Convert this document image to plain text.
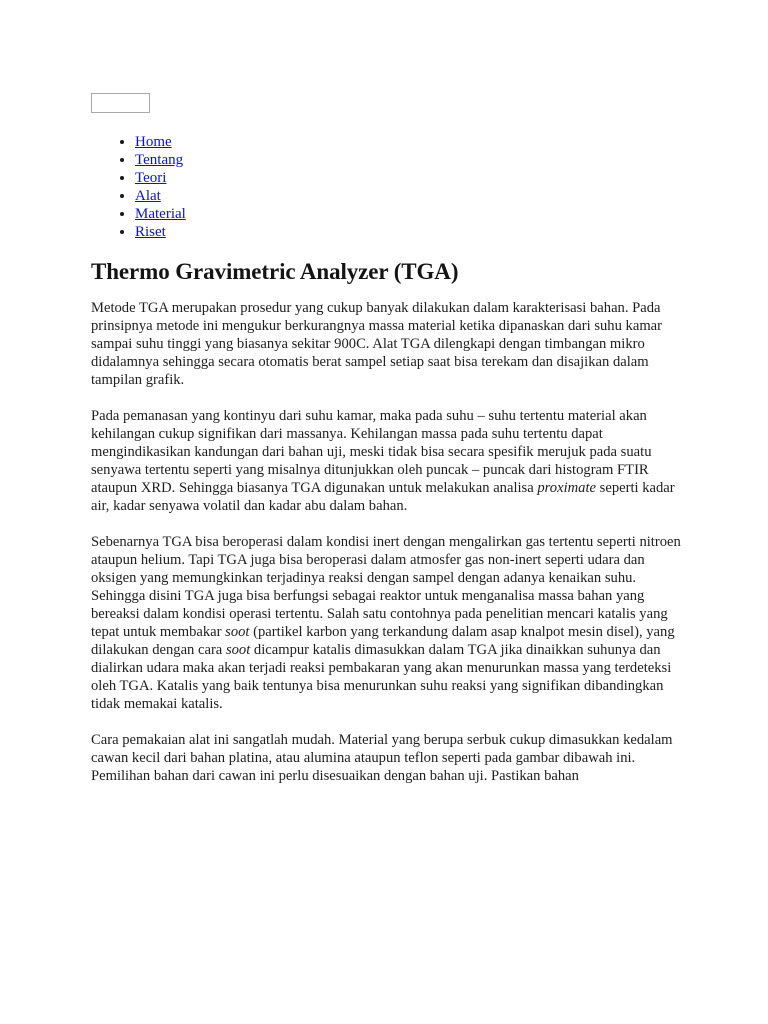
• Home
• Tentang
• Teori
• Alat
• Material
• Riset
Thermo Gravimetric Analyzer (TGA)

Metode TGA merupakan prosedur yang cukup banyak dilakukan dalam karakterisasi bahan. Pada prinsipnya metode ini mengukur berkurangnya massa material ketika dipanaskan dari suhu kamar sampai suhu tinggi yang biasanya sekitar 900C. Alat TGA dilengkapi dengan timbangan mikro didalamnya sehingga secara otomatis berat sampel setiap saat bisa terekam dan disajikan dalam tampilan grafik.

Pada pemanasan yang kontinyu dari suhu kamar, maka pada suhu – suhu tertentu material akan kehilangan cukup signifikan dari massanya. Kehilangan massa pada suhu tertentu dapat mengindikasikan kandungan dari bahan uji, meski tidak bisa secara spesifik merujuk pada suatu senyawa tertentu seperti yang misalnya ditunjukkan oleh puncak – puncak dari histogram FTIR ataupun XRD. Sehingga biasanya TGA digunakan untuk melakukan analisa proximate seperti kadar air, kadar senyawa volatil dan kadar abu dalam bahan.

Sebenarnya TGA bisa beroperasi dalam kondisi inert dengan mengalirkan gas tertentu seperti nitroen ataupun helium. Tapi TGA juga bisa beroperasi dalam atmosfer gas non-inert seperti udara dan oksigen yang memungkinkan terjadinya reaksi dengan sampel dengan adanya kenaikan suhu. Sehingga disini TGA juga bisa berfungsi sebagai reaktor untuk menganalisa massa bahan yang bereaksi dalam kondisi operasi tertentu. Salah satu contohnya pada penelitian mencari katalis yang tepat untuk membakar soot (partikel karbon yang terkandung dalam asap knalpot mesin disel), yang dilakukan dengan cara soot dicampur katalis dimasukkan dalam TGA jika dinaikkan suhunya dan dialirkan udara maka akan terjadi reaksi pembakaran yang akan menurunkan massa yang terdeteksi oleh TGA. Katalis yang baik tentunya bisa menurunkan suhu reaksi yang signifikan dibandingkan tidak memakai katalis.

Cara pemakaian alat ini sangatlah mudah. Material yang berupa serbuk cukup dimasukkan kedalam cawan kecil dari bahan platina, atau alumina ataupun teflon seperti pada gambar dibawah ini. Pemilihan bahan dari cawan ini perlu disesuaikan dengan bahan uji. Pastikan bahan
